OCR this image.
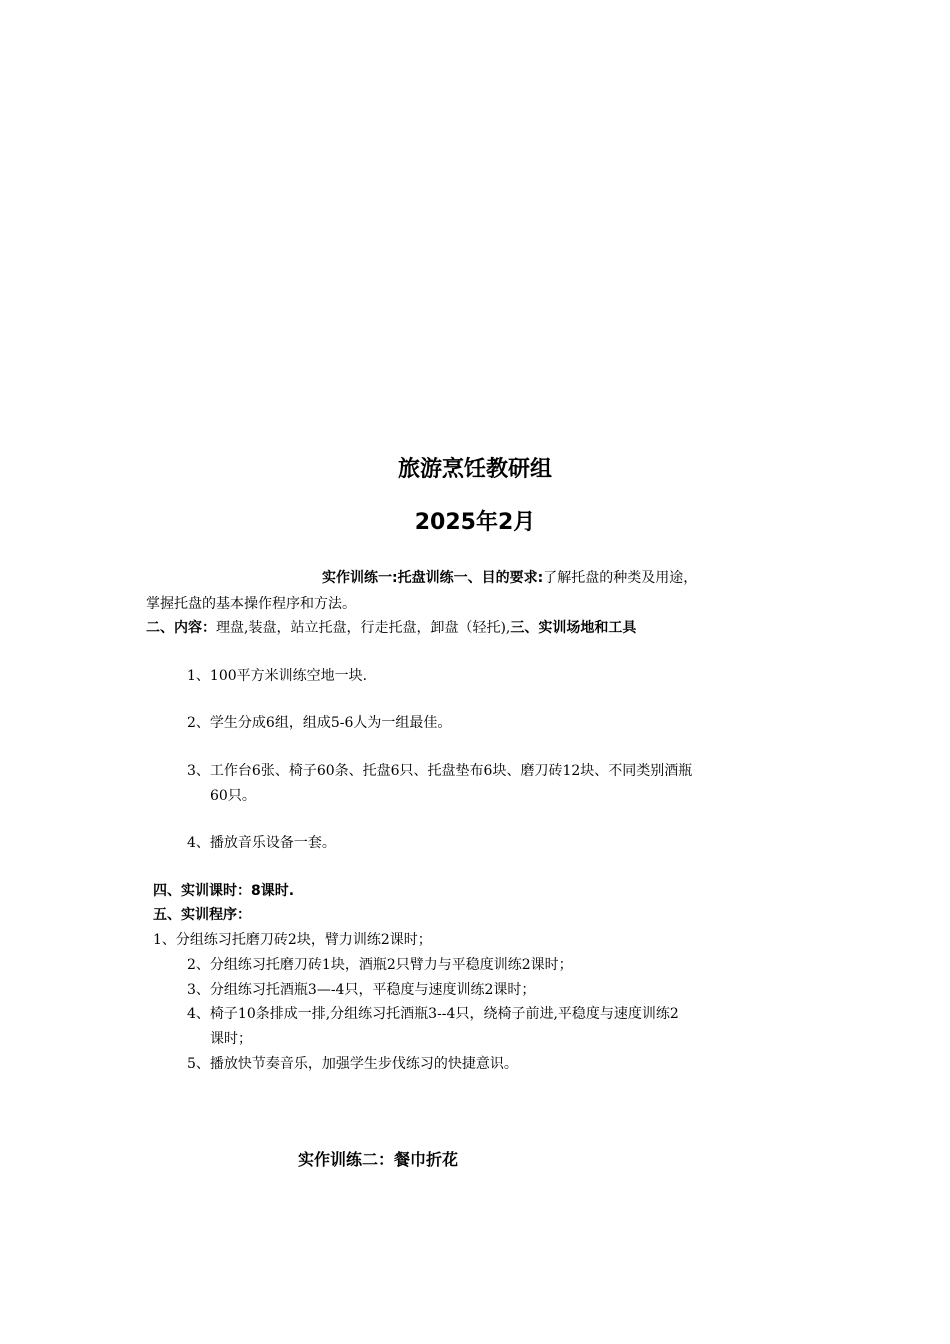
旅游烹饪教研组
2025年2月
实作训练一:托盘训练一、目的要求:了解托盘的种类及用途，
掌握托盘的基本操作程序和方法。
二、内容：理盘,装盘，站立托盘，行走托盘，卸盘（轻托),三、实训场地和工具
1、100平方米训练空地一块.
2、学生分成6组，组成5-6人为一组最佳。
3、工作台6张、椅子60条、托盘6只、托盘垫布6块、磨刀砖12块、不同类别酒瓶
60只。
4、播放音乐设备一套。
四、实训课时：8课时.
五、实训程序：
1、分组练习托磨刀砖2块，臂力训练2课时；
2、分组练习托磨刀砖1块，酒瓶2只臂力与平稳度训练2课时；
3、分组练习托酒瓶3—-4只，平稳度与速度训练2课时；
4、椅子10条排成一排,分组练习托酒瓶3--4只，绕椅子前进,平稳度与速度训练2
课时；
5、播放快节奏音乐，加强学生步伐练习的快捷意识。
实作训练二：餐巾折花
